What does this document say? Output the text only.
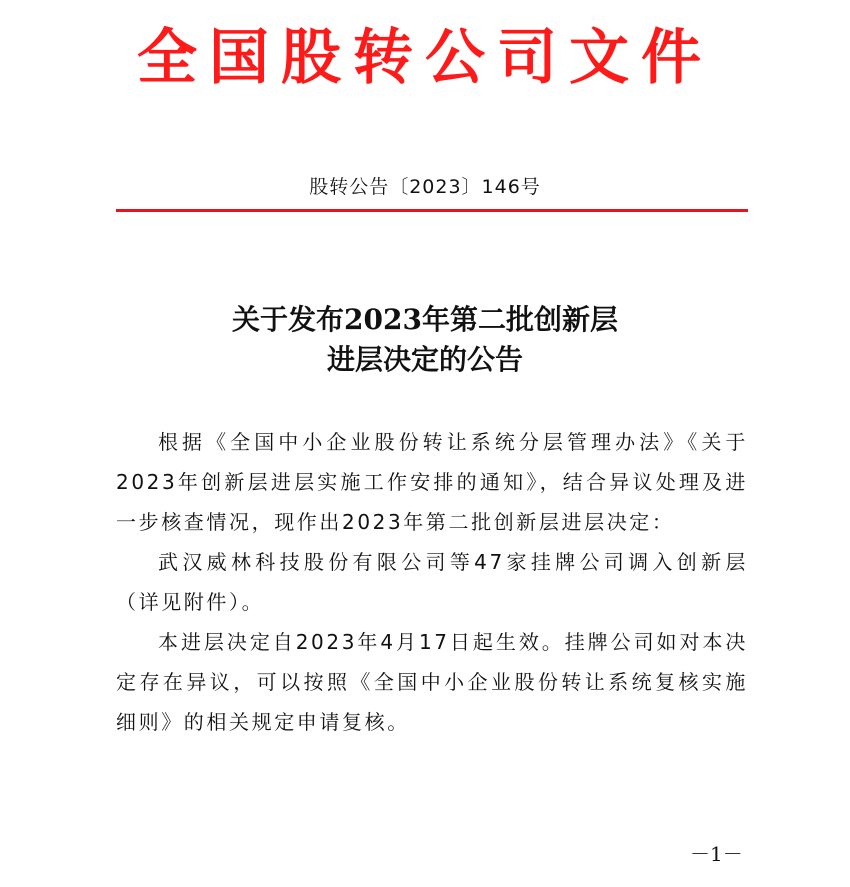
全国股转公司文件
股转公告〔2023〕146号
关于发布2023年第二批创新层
进层决定的公告

根据《全国中小企业股份转让系统分层管理办法》《关于2023年创新层进层实施工作安排的通知》，结合异议处理及进一步核查情况，现作出2023年第二批创新层进层决定：

武汉威林科技股份有限公司等47家挂牌公司调入创新层（详见附件）。

本进层决定自2023年4月17日起生效。挂牌公司如对本决定存在异议，可以按照《全国中小企业股份转让系统复核实施细则》的相关规定申请复核。

－1－
